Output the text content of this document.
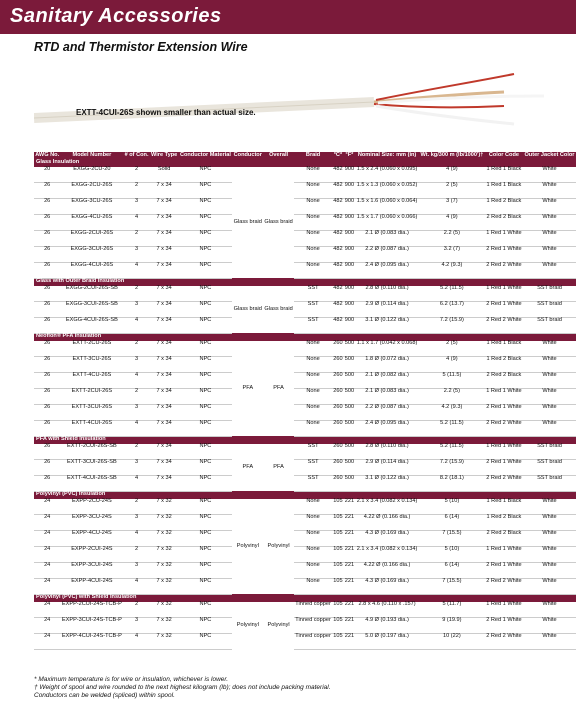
Sanitary Accessories
RTD and Thermistor Extension Wire
EXTT-4CUI-26S shown smaller than actual size.
AWG No.	Model Number	# of Con.	Wire Type	Conductor Material	Conductor	Overall	Braid	°C*	°F*	Nominal Size: mm (in)	Wt. kg/300 m (lb/1000')†	Color Code	Outer Jacket Color
Glass Insulation													
20	EXGG-2CU-20	2	Solid	NPC	Glass braid	Glass braid	None	482	900	1.5 x 2.4 (0.060 x 0.095)	4 (9)	1 Red 1 Black	White
26	EXGG-2CU-26S	2	7 x 34	NPC			None	482	900	1.5 x 1.3 (0.060 x 0.052)	2 (5)	1 Red 1 Black	White
26	EXGG-3CU-26S	3	7 x 34	NPC			None	482	900	1.5 x 1.6 (0.060 x 0.064)	3 (7)	1 Red 2 Black	White
26	EXGG-4CU-26S	4	7 x 34	NPC			None	482	900	1.5 x 1.7 (0.060 x 0.066)	4 (9)	2 Red 2 Black	White
26	EXGG-2CUI-26S	2	7 x 34	NPC			None	482	900	2.1 Ø (0.083 dia.)	2.2 (5)	1 Red 1 White	White
26	EXGG-3CUI-26S	3	7 x 34	NPC			None	482	900	2.2 Ø (0.087 dia.)	3.2 (7)	2 Red 1 White	White
26	EXGG-4CUI-26S	4	7 x 34	NPC			None	482	900	2.4 Ø (0.095 dia.)	4.2 (9.3)	2 Red 2 White	White
Glass with Outer Braid Insulation													
26	EXGG-2CUI-26S-SB	2	7 x 34	NPC	Glass braid	Glass braid	SST	482	900	2.8 Ø (0.110 dia.)	5.2 (11.5)	1 Red 1 White	SST braid
26	EXGG-3CUI-26S-SB	3	7 x 34	NPC			SST	482	900	2.9 Ø (0.114 dia.)	6.2 (13.7)	2 Red 1 White	SST braid
26	EXGG-4CUI-26S-SB	4	7 x 34	NPC			SST	482	900	3.1 Ø (0.122 dia.)	7.2 (15.9)	2 Red 2 White	SST braid
Neoflon® PFA Insulation													
26	EXTT-2CU-26S	2	7 x 34	NPC	PFA	PFA	None	260	500	1.1 x 1.7 (0.042 x 0.068)	2 (5)	1 Red 1 Black	White
26	EXTT-3CU-26S	3	7 x 34	NPC			None	260	500	1.8 Ø (0.072 dia.)	4 (9)	1 Red 2 Black	White
26	EXTT-4CU-26S	4	7 x 34	NPC			None	260	500	2.1 Ø (0.082 dia.)	5 (11.5)	2 Red 2 Black	White
26	EXTT-2CUI-26S	2	7 x 34	NPC			None	260	500	2.1 Ø (0.083 dia.)	2.2 (5)	1 Red 1 White	White
26	EXTT-3CUI-26S	3	7 x 34	NPC			None	260	500	2.2 Ø (0.087 dia.)	4.2 (9.3)	2 Red 1 White	White
26	EXTT-4CUI-26S	4	7 x 34	NPC			None	260	500	2.4 Ø (0.095 dia.)	5.2 (11.5)	2 Red 2 White	White
PFA with Shield Insulation													
26	EXTT-2CUI-26S-SB	2	7 x 34	NPC	PFA	PFA	SST	260	500	2.8 Ø (0.110 dia.)	5.2 (11.5)	1 Red 1 White	SST braid
26	EXTT-3CUI-26S-SB	3	7 x 34	NPC			SST	260	500	2.9 Ø (0.114 dia.)	7.2 (15.9)	2 Red 1 White	SST braid
26	EXTT-4CUI-26S-SB	4	7 x 34	NPC			SST	260	500	3.1 Ø (0.122 dia.)	8.2 (18.1)	2 Red 2 White	SST braid
Polyvinyl (PVC) Insulation													
24	EXPP-2CU-24S	2	7 x 32	NPC	Polyvinyl	Polyvinyl	None	105	221	2.1 x 3.4 (0.082 x 0.134)	5 (10)	1 Red 1 Black	White
24	EXPP-3CU-24S	3	7 x 32	NPC			None	105	221	4.22 Ø (0.166 dia.)	6 (14)	1 Red 2 Black	White
24	EXPP-4CU-24S	4	7 x 32	NPC			None	105	221	4.3 Ø (0.169 dia.)	7 (15.5)	2 Red 2 Black	White
24	EXPP-2CUI-24S	2	7 x 32	NPC			None	105	221	2.1 x 3.4 (0.082 x 0.134)	5 (10)	1 Red 1 White	White
24	EXPP-3CUI-24S	3	7 x 32	NPC			None	105	221	4.22 Ø (0.166 dia.)	6 (14)	2 Red 1 White	White
24	EXPP-4CUI-24S	4	7 x 32	NPC			None	105	221	4.3 Ø (0.169 dia.)	7 (15.5)	2 Red 2 White	White
Polyvinyl (PVC) with Shield Insulation													
24	EXPP-2CUI-24S-TCB-P	2	7 x 32	NPC	Polyvinyl	Polyvinyl	Tinned copper	105	221	2.8 x 4.6 (0.110 x .157)	5 (11.7)	1 Red 1 White	White
24	EXPP-3CUI-24S-TCB-P	3	7 x 32	NPC			Tinned copper	105	221	4.9 Ø (0.193 dia.)	9 (19.9)	2 Red 1 White	White
24	EXPP-4CUI-24S-TCB-P	4	7 x 32	NPC			Tinned copper	105	221	5.0 Ø (0.197 dia.)	10 (22)	2 Red 2 White	White
* Maximum temperature is for wire or insulation, whichever is lower.
† Weight of spool and wire rounded to the next highest kilogram (lb); does not include packing material.
Conductors can be welded (spliced) within spool.
